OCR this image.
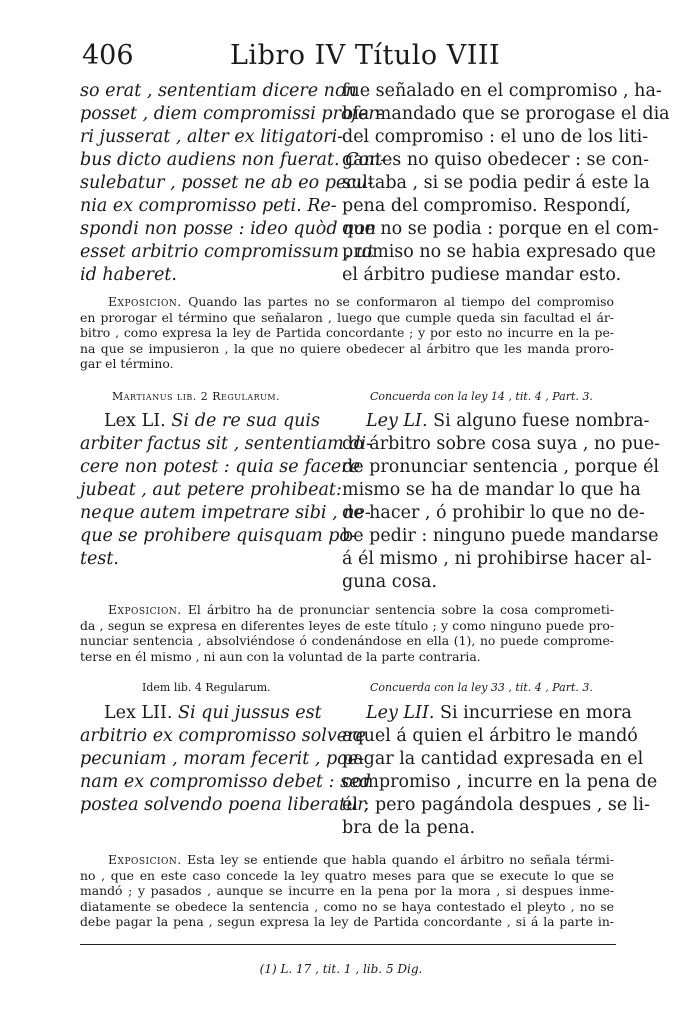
406	Libro IV Título VIII
so erat , sententiam dicere non
posset , diem compromissi profer-
ri jusserat , alter ex litigatori-
bus dicto audiens non fuerat. Con-
sulebatur , posset ne ab eo pecu-
nia ex compromisso peti. Re-
spondi non posse : ideo quòd non
esset arbitrio compromissum , ut
id haberet.
fue señalado en el compromiso , ha-
bia mandado que se prorogase el dia
del compromiso : el uno de los liti-
gantes no quiso obedecer : se con-
sultaba , si se podia pedir á este la
pena del compromiso. Respondí,
que no se podia : porque en el com-
promiso no se habia expresado que
el árbitro pudiese mandar esto.
Exposicion. Quando las partes no se conformaron al tiempo del compromiso
en prorogar el término que señalaron , luego que cumple queda sin facultad el ár-
bitro , como expresa la ley de Partida concordante ; y por esto no incurre en la pe-
na que se impusieron , la que no quiere obedecer al árbitro que les manda proro-
gar el término.
Martianus lib. 2 Regularum.	Concuerda con la ley 14 , tit. 4 , Part. 3.
Lex LI. Si de re sua quis
arbiter factus sit , sententiam di-
cere non potest : quia se facere
jubeat , aut petere prohibeat:
neque autem impetrare sibi , ne-
que se prohibere quisquam po-
test.
Ley LI. Si alguno fuese nombra-
do árbitro sobre cosa suya , no pue-
de pronunciar sentencia , porque él
mismo se ha de mandar lo que ha
de hacer , ó prohibir lo que no de-
be pedir : ninguno puede mandarse
á él mismo , ni prohibirse hacer al-
guna cosa.
Exposicion. El árbitro ha de pronunciar sentencia sobre la cosa comprometi-
da , segun se expresa en diferentes leyes de este título ; y como ninguno puede pro-
nunciar sentencia , absolviéndose ó condenándose en ella (1), no puede comprome-
terse en él mismo , ni aun con la voluntad de la parte contraria.
Idem lib. 4 Regularum.	Concuerda con la ley 33 , tit. 4 , Part. 3.
Lex LII. Si qui jussus est
arbitrio ex compromisso solvere
pecuniam , moram fecerit , poe-
nam ex compromisso debet : sed
postea solvendo poena liberatur.
Ley LII. Si incurriese en mora
aquel á quien el árbitro le mandó
pagar la cantidad expresada en el
compromiso , incurre en la pena de
él ; pero pagándola despues , se li-
bra de la pena.
Exposicion. Esta ley se entiende que habla quando el árbitro no señala térmi-
no , que en este caso concede la ley quatro meses para que se execute lo que se
mandó ; y pasados , aunque se incurre en la pena por la mora , si despues inme-
diatamente se obedece la sentencia , como no se haya contestado el pleyto , no se
debe pagar la pena , segun expresa la ley de Partida concordante , si á la parte in-
(1) L. 17 , tit. 1 , lib. 5 Dig.
